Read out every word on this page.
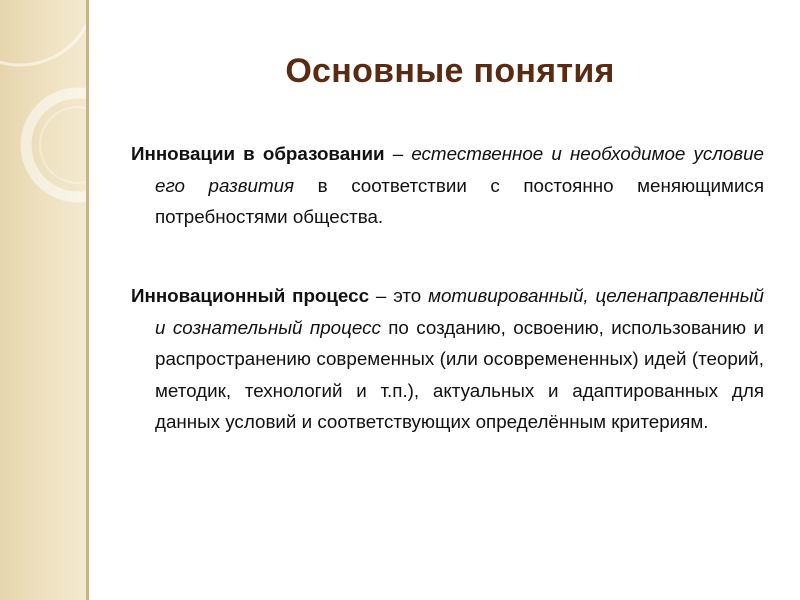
Основные понятия
Инновации в образовании – естественное и необходимое условие его развития в соответствии с постоянно меняющимися потребностями общества.
Инновационный процесс – это мотивированный, целенаправленный и сознательный процесс по созданию, освоению, использованию и распространению современных (или осовремененных) идей (теорий, методик, технологий и т.п.), актуальных и адаптированных для данных условий и соответствующих определённым критериям.
